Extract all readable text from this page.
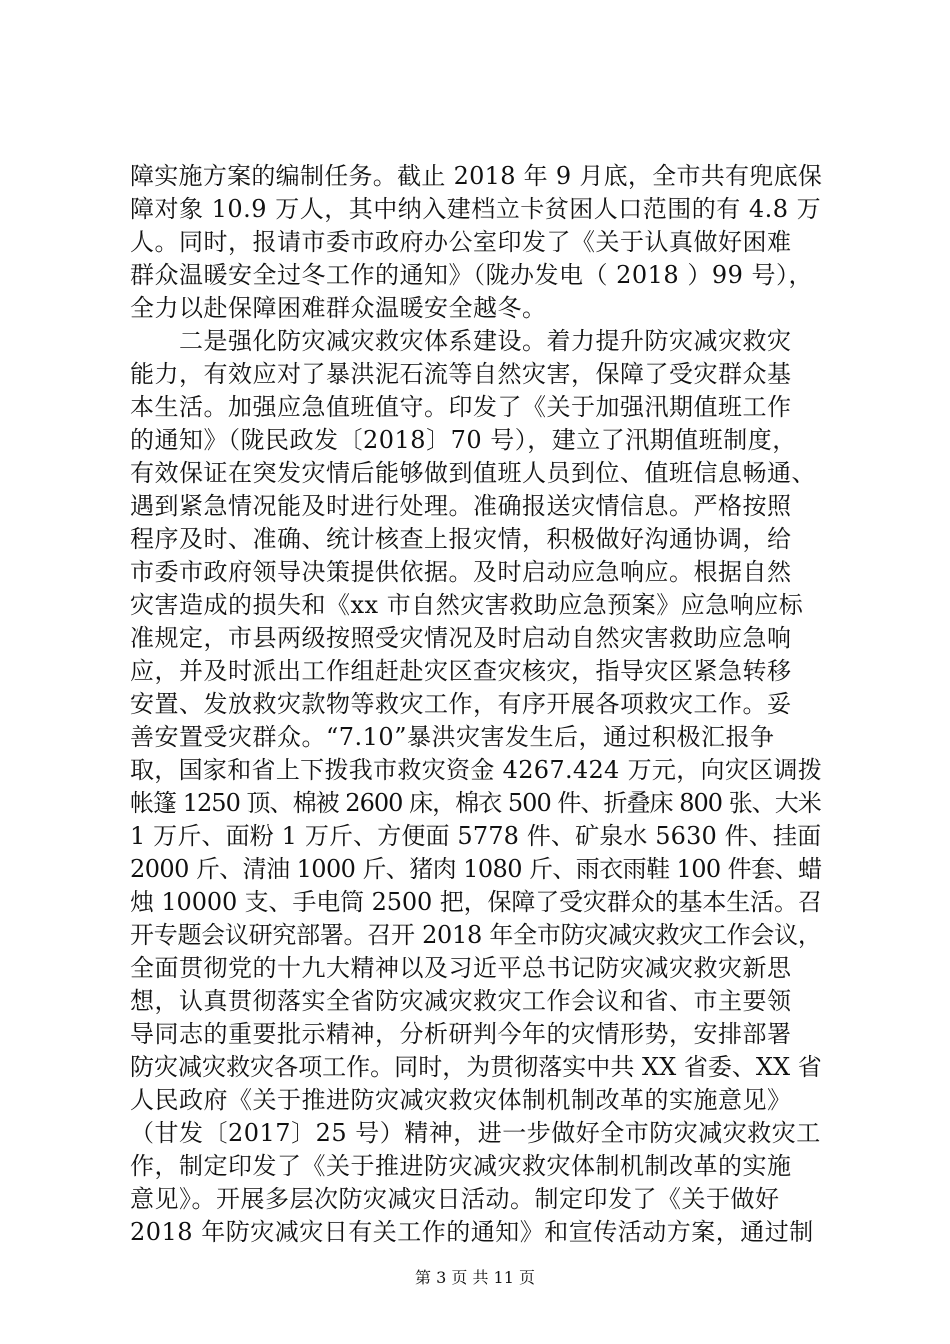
障实施方案的编制任务。截止 2018 年 9 月底，全市共有兜底保
障对象 10.9 万人，其中纳入建档立卡贫困人口范围的有 4.8 万
人。同时，报请市委市政府办公室印发了《关于认真做好困难
群众温暖安全过冬工作的通知》（陇办发电（ 2018 ）99 号），
全力以赴保障困难群众温暖安全越冬。
　　二是强化防灾减灾救灾体系建设。着力提升防灾减灾救灾
能力，有效应对了暴洪泥石流等自然灾害，保障了受灾群众基
本生活。加强应急值班值守。印发了《关于加强汛期值班工作
的通知》（陇民政发〔2018〕70 号），建立了汛期值班制度，
有效保证在突发灾情后能够做到值班人员到位、值班信息畅通、
遇到紧急情况能及时进行处理。准确报送灾情信息。严格按照
程序及时、准确、统计核查上报灾情，积极做好沟通协调，给
市委市政府领导决策提供依据。及时启动应急响应。根据自然
灾害造成的损失和《xx 市自然灾害救助应急预案》应急响应标
准规定，市县两级按照受灾情况及时启动自然灾害救助应急响
应，并及时派出工作组赶赴灾区查灾核灾，指导灾区紧急转移
安置、发放救灾款物等救灾工作，有序开展各项救灾工作。妥
善安置受灾群众。“7.10”暴洪灾害发生后，通过积极汇报争
取，国家和省上下拨我市救灾资金 4267.424 万元，向灾区调拨
帐篷 1250 顶、棉被 2600 床，棉衣 500 件、折叠床 800 张、大米
1 万斤、面粉 1 万斤、方便面 5778 件、矿泉水 5630 件、挂面
2000 斤、清油 1000 斤、猪肉 1080 斤、雨衣雨鞋 100 件套、蜡
烛 10000 支、手电筒 2500 把，保障了受灾群众的基本生活。召
开专题会议研究部署。召开 2018 年全市防灾减灾救灾工作会议，
全面贯彻党的十九大精神以及习近平总书记防灾减灾救灾新思
想，认真贯彻落实全省防灾减灾救灾工作会议和省、市主要领
导同志的重要批示精神，分析研判今年的灾情形势，安排部署
防灾减灾救灾各项工作。同时，为贯彻落实中共 XX 省委、XX 省
人民政府《关于推进防灾减灾救灾体制机制改革的实施意见》
（甘发〔2017〕25 号）精神，进一步做好全市防灾减灾救灾工
作，制定印发了《关于推进防灾减灾救灾体制机制改革的实施
意见》。开展多层次防灾减灾日活动。制定印发了《关于做好
2018 年防灾减灾日有关工作的通知》和宣传活动方案，通过制
第 3 页 共 11 页
